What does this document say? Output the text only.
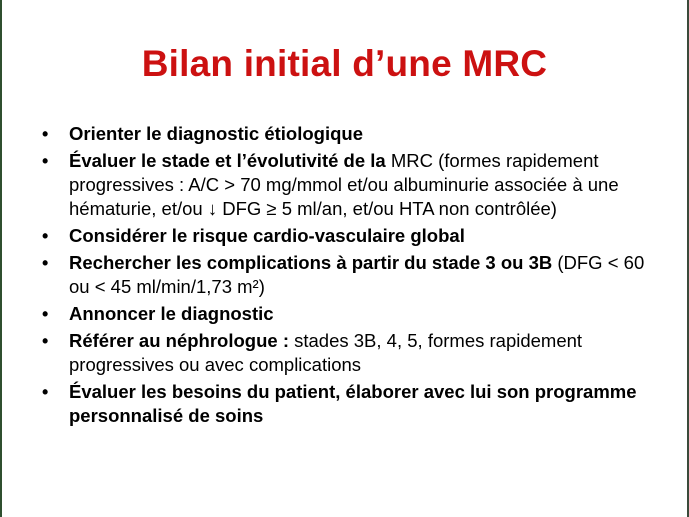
Bilan initial d’une MRC
• Orienter le diagnostic étiologique
• Évaluer le stade et l’évolutivité de la MRC (formes rapidement progressives : A/C > 70 mg/mmol et/ou albuminurie associée à une hématurie, et/ou ↓ DFG ≥ 5 ml/an, et/ou HTA non contrôlée)
• Considérer le risque cardio-vasculaire global
• Rechercher les complications à partir du stade 3 ou 3B (DFG < 60 ou < 45 ml/min/1,73 m²)
• Annoncer le diagnostic
• Référer au néphrologue : stades 3B, 4, 5, formes rapidement progressives ou avec complications
• Évaluer les besoins du patient, élaborer avec lui son programme personnalisé de soins
